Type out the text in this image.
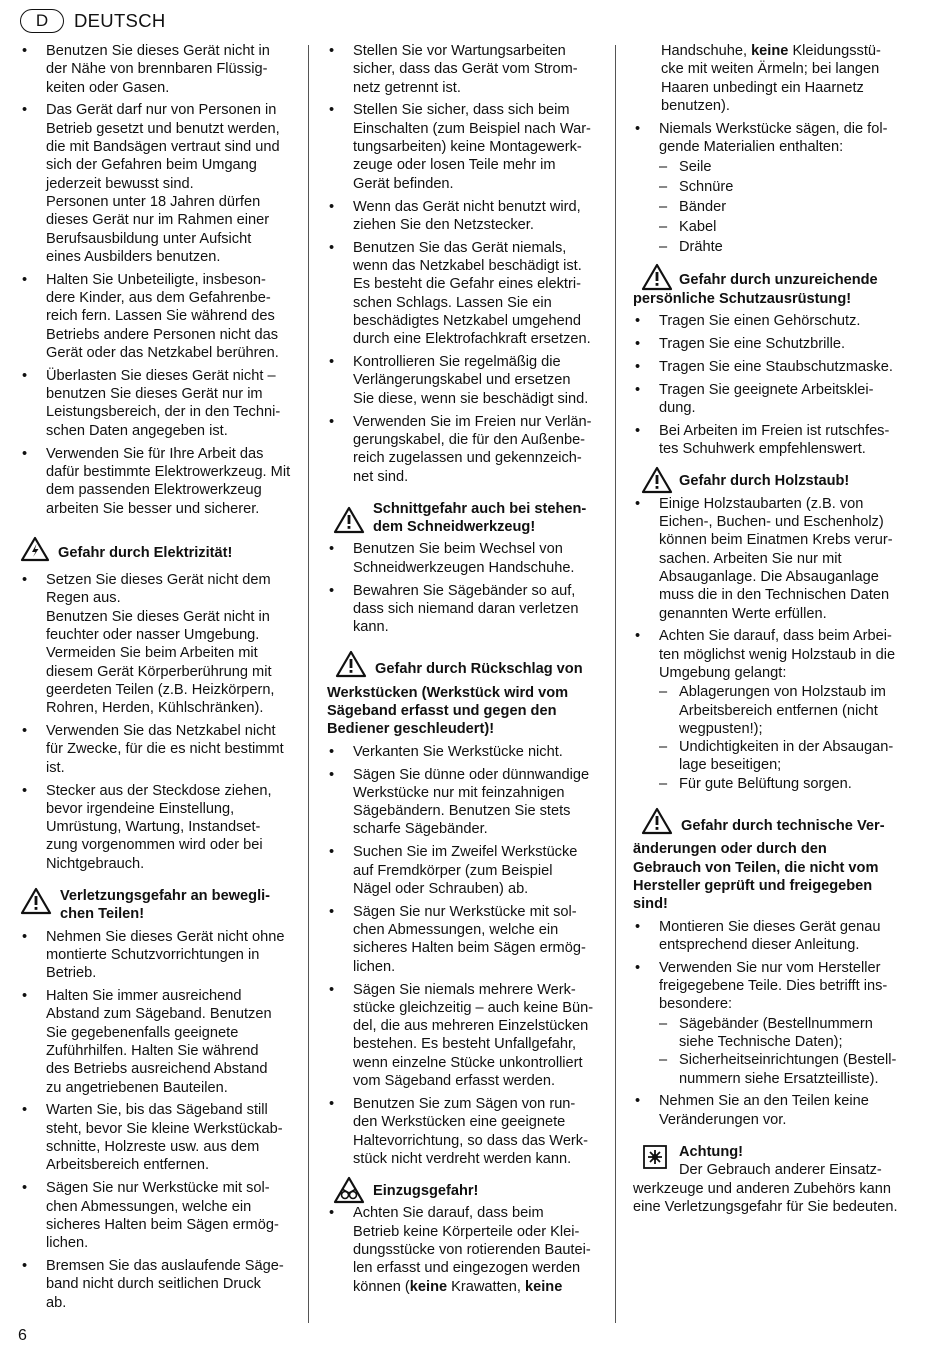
D	DEUTSCH
• Benutzen Sie dieses Gerät nicht in

der Nähe von brennbaren Flüssig-

keiten oder Gasen.

• Das Gerät darf nur von Personen in

Betrieb gesetzt und benutzt werden,

die mit Bandsägen vertraut sind und

sich der Gefahren beim Umgang

jederzeit bewusst sind.

Personen unter 18 Jahren dürfen

dieses Gerät nur im Rahmen einer

Berufsausbildung unter Aufsicht

eines Ausbilders benutzen.

• Halten Sie Unbeteiligte, insbeson-

dere Kinder, aus dem Gefahrenbe-

reich fern. Lassen Sie während des

Betriebs andere Personen nicht das

Gerät oder das Netzkabel berühren.

• Überlasten Sie dieses Gerät nicht –

benutzen Sie dieses Gerät nur im

Leistungsbereich, der in den Techni-

schen Daten angegeben ist.

• Verwenden Sie für Ihre Arbeit das

dafür bestimmte Elektrowerkzeug. Mit

dem passenden Elektrowerkzeug

arbeiten Sie besser und sicherer.

Gefahr durch Elektrizität!
• Setzen Sie dieses Gerät nicht dem

Regen aus.

Benutzen Sie dieses Gerät nicht in

feuchter oder nasser Umgebung.

Vermeiden Sie beim Arbeiten mit

diesem Gerät Körperberührung mit

geerdeten Teilen (z.B. Heizkörpern,

Rohren, Herden, Kühlschränken).

• Verwenden Sie das Netzkabel nicht

für Zwecke, für die es nicht bestimmt

ist.

• Stecker aus der Steckdose ziehen,

bevor irgendeine Einstellung,

Umrüstung, Wartung, Instandset-

zung vorgenommen wird oder bei

Nichtgebrauch.

Verletzungsgefahr an bewegli-
chen Teilen!
• Nehmen Sie dieses Gerät nicht ohne

montierte Schutzvorrichtungen in

Betrieb.

• Halten Sie immer ausreichend

Abstand zum Sägeband. Benutzen

Sie gegebenenfalls geeignete

Zuführhilfen. Halten Sie während

des Betriebs ausreichend Abstand

zu angetriebenen Bauteilen.

• Warten Sie, bis das Sägeband still

steht, bevor Sie kleine Werkstückab-

schnitte, Holzreste usw. aus dem

Arbeitsbereich entfernen.

• Sägen Sie nur Werkstücke mit sol-

chen Abmessungen, welche ein

sicheres Halten beim Sägen ermög-

lichen.

• Bremsen Sie das auslaufende Säge-

band nicht durch seitlichen Druck

ab.

• Stellen Sie vor Wartungsarbeiten

sicher, dass das Gerät vom Strom-

netz getrennt ist.

• Stellen Sie sicher, dass sich beim

Einschalten (zum Beispiel nach War-

tungsarbeiten) keine Montagewerk-

zeuge oder losen Teile mehr im

Gerät befinden.

• Wenn das Gerät nicht benutzt wird,

ziehen Sie den Netzstecker.

• Benutzen Sie das Gerät niemals,

wenn das Netzkabel beschädigt ist.

Es besteht die Gefahr eines elektri-

schen Schlags. Lassen Sie ein

beschädigtes Netzkabel umgehend

durch eine Elektrofachkraft ersetzen.

• Kontrollieren Sie regelmäßig die

Verlängerungskabel und ersetzen

Sie diese, wenn sie beschädigt sind.

• Verwenden Sie im Freien nur Verlän-

gerungskabel, die für den Außenbe-

reich zugelassen und gekennzeich-

net sind.

Schnittgefahr auch bei stehen-
dem Schneidwerkzeug!
• Benutzen Sie beim Wechsel von

Schneidwerkzeugen Handschuhe.

• Bewahren Sie Sägebänder so auf,

dass sich niemand daran verletzen

kann.

Gefahr durch Rückschlag von
Werkstücken (Werkstück wird vom
Sägeband erfasst und gegen den
Bediener geschleudert)!
• Verkanten Sie Werkstücke nicht.

• Sägen Sie dünne oder dünnwandige

Werkstücke nur mit feinzahnigen

Sägebändern. Benutzen Sie stets

scharfe Sägebänder.

• Suchen Sie im Zweifel Werkstücke

auf Fremdkörper (zum Beispiel

Nägel oder Schrauben) ab.

• Sägen Sie nur Werkstücke mit sol-

chen Abmessungen, welche ein

sicheres Halten beim Sägen ermög-

lichen.

• Sägen Sie niemals mehrere Werk-

stücke gleichzeitig – auch keine Bün-

del, die aus mehreren Einzelstücken

bestehen. Es besteht Unfallgefahr,

wenn einzelne Stücke unkontrolliert

vom Sägeband erfasst werden.

• Benutzen Sie zum Sägen von run-

den Werkstücken eine geeignete

Haltevorrichtung, so dass das Werk-

stück nicht verdreht werden kann.

Einzugsgefahr!
• Achten Sie darauf, dass beim
Betrieb keine Körperteile oder Klei-
dungsstücke von rotierenden Bautei-
len erfasst und eingezogen werden
können (keine Krawatten, keine

Handschuhe, keine Kleidungsstü-

cke mit weiten Ärmeln; bei langen
Haaren unbedingt ein Haarnetz
benutzen).
• Niemals Werkstücke sägen, die fol-
gende Materialien enthalten:
– Seile
– Schnüre
– Bänder
– Kabel
– Drähte
Gefahr durch unzureichende
persönliche Schutzausrüstung!
• Tragen Sie einen Gehörschutz.

• Tragen Sie eine Schutzbrille.

• Tragen Sie eine Staubschutzmaske.

• Tragen Sie geeignete Arbeitsklei-

dung.

• Bei Arbeiten im Freien ist rutschfes-

tes Schuhwerk empfehlenswert.

Gefahr durch Holzstaub!
• Einige Holzstaubarten (z.B. von
Eichen-, Buchen- und Eschenholz)
können beim Einatmen Krebs verur-
sachen. Arbeiten Sie nur mit
Absauganlage. Die Absauganlage
muss die in den Technischen Daten
genannten Werte erfüllen.
• Achten Sie darauf, dass beim Arbei-
ten möglichst wenig Holzstaub in die
Umgebung gelangt:
– Ablagerungen von Holzstaub im
Arbeitsbereich entfernen (nicht
wegpusten!);
– Undichtigkeiten in der Absaugan-
lage beseitigen;
– Für gute Belüftung sorgen.
Gefahr durch technische Ver-
änderungen oder durch den
Gebrauch von Teilen, die nicht vom
Hersteller geprüft und freigegeben
sind!
• Montieren Sie dieses Gerät genau
entsprechend dieser Anleitung.
• Verwenden Sie nur vom Hersteller
freigegebene Teile. Dies betrifft ins-
besondere:
– Sägebänder (Bestellnummern
siehe Technische Daten);
– Sicherheitseinrichtungen (Bestell-
nummern siehe Ersatzteilliste).
• Nehmen Sie an den Teilen keine
Veränderungen vor.
Achtung!

Der Gebrauch anderer Einsatz-

werkzeuge und anderen Zubehörs kann

eine Verletzungsgefahr für Sie bedeuten.

6
